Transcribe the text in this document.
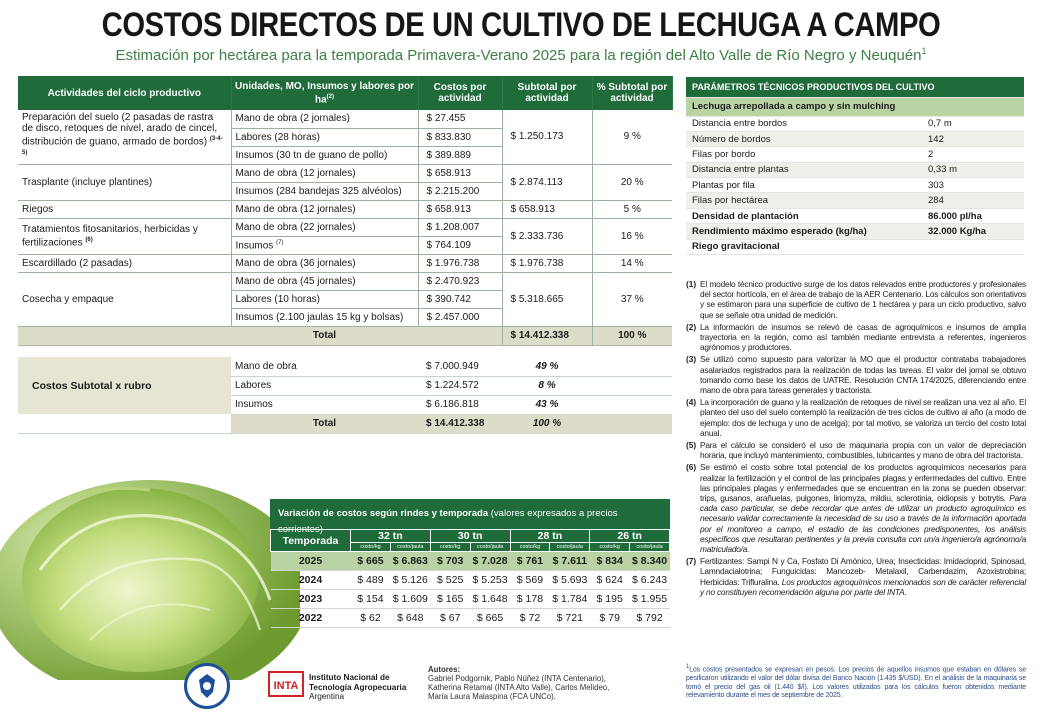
COSTOS DIRECTOS DE UN CULTIVO DE LECHUGA A CAMPO
Estimación por hectárea para la temporada Primavera-Verano 2025 para la región del Alto Valle de Río Negro y Neuquén$^1$
Actividades del ciclo productivo	Unidades, MO, Insumos y labores por $ha^{(2)}$	Costos por actividad	Subtotal por actividad	% Subtotal por actividad
Preparación del suelo (2 pasadas de rastra de disco, retoques de nivel, arado de cincel, distribución de guano, armado de bordos) $^{(3-4-5)}$	Mano de obra (2 jornales)	$ 27.455	$ 1.250.173	9 %
	Labores (28 horas)	$ 833.830		
	Insumos (30 tn de guano de pollo)	$ 389.889		
Trasplante (incluye plantines)	Mano de obra (12 jornales)	$ 658.913	$ 2.874.113	20 %
	Insumos (284 bandejas 325 alvéolos)	$ 2.215.200		
Riegos	Mano de obra (12 jornales)	$ 658.913	$ 658.913	5 %
Tratamientos fitosanitarios, herbicidas y fertilizaciones $^{(6)}$	Mano de obra (22 jornales)	$ 1.208.007	$ 2.333.736	16 %
	Insumos $^{(7)}$	$ 764.109		
Escardillado (2 pasadas)	Mano de obra (36 jornales)	$ 1.976.738	$ 1.976.738	14 %
Cosecha y empaque	Mano de obra (45 jornales)	$ 2.470.923	$ 5.318.665	37 %
	Labores (10 horas)	$ 390.742		
	Insumos (2.100 jaulas 15 kg y bolsas)	$ 2.457.000		
	Total		$ 14.412.338	100 %
Costos Subtotal x rubro	Mano de obra	$ 7.000.949	49 %	
	Labores	$ 1.224.572	8 %	
	Insumos	$ 6.186.818	43 %	
	Total	$ 14.412.338	100 %	
PARÁMETROS TÉCNICOS PRODUCTIVOS DEL CULTIVO	
Lechuga arrepollada a campo y sin mulching	
Distancia entre bordos	0,7 m
Número de bordos	142
Filas por bordo	2
Distancia entre plantas	0,33 m
Plantas por fila	303
Filas por hectárea	284
Densidad de plantación	86.000 pl/ha
Rendimiento máximo esperado (kg/ha)	32.000 Kg/ha
Riego gravitacional	
(1) El modelo técnico productivo surge de los datos relevados entre productores y profesionales del sector hortícola, en el área de trabajo de la AER Centenario. Los cálculos son orientativos y se estimaron para una superficie de cultivo de 1 hectárea y para un ciclo productivo, salvo que se señale otra unidad de medición.
(2) La información de insumos se relevó de casas de agroquímicos e insumos de amplia trayectoria en la región, como así también mediante entrevista a referentes, ingenieros agrónomos y productores.
(3) Se utilizó como supuesto para valorizar la MO que el productor contrataba trabajadores asalariados registrados para la realización de todas las tareas. El valor del jornal se obtuvo tomando como base los datos de UATRE. Resolución CNTA 174/2025, diferenciando entre mano de obra para tareas generales y tractorista.
(4) La incorporación de guano y la realización de retoques de nivel se realizan una vez al año. El planteo del uso del suelo contempló la realización de tres ciclos de cultivo al año (a modo de ejemplo: dos de lechuga y uno de acelga); por tal motivo, se valoriza un tercio del costo total anual.
(5) Para el cálculo se consideró el uso de maquinaria propia con un valor de depreciación horaria, que incluyó mantenimiento, combustibles, lubricantes y mano de obra del tractorista.
(6) Se estimó el costo sobre total potencial de los productos agroquímicos necesarios para realizar la fertilización y el control de las principales plagas y enfermedades del cultivo. Entre las principales plagas y enfermedades que se encuentran en la zona se pueden observar: trips, gusanos, arañuelas, pulgones, liriomyza, mildiu, sclerotinia, oidiopsis y botrytis. Para cada caso particular, se debe recordar que antes de utilizar un producto agroquímico es necesario validar correctamente la necesidad de su uso a través de la información aportada por el monitoreo a campo, el estadio de las condiciones predisponentes, los análisis específicos que resultaran pertinentes y la previa consulta con un/a ingeniero/a agrónomo/a matriculado/a.
(7) Fertilizantes: Sampi N y Ca, Fosfato Di Amónico, Urea; Insecticidas: Imidacloprid, Spinosad, Lamndacialotrina; Funguicidas: Mancozeb- Metalaxil, Carbendazim, Azoxistrobina; Herbicidas: Trifluralina. Los productos agroquímicos mencionados son de carácter referencial y no constituyen recomendación alguna por parte del INTA.
$^1$Los costos presentados se expresan en pesos. Los precios de aquellos insumos que estaban en dólares se pesificaron utilizando el valor del dólar divisa del Banco Nación (1.435 $/USD). En el análisis de la maquinaria se tomó el precio del gas oil (1.440 $/l). Los valores utilizados para los cálculos fueron obtenidos mediante relevamiento durante el mes de septiembre de 2025.
Variación de costos según rindes y temporada (valores expresados a precios corrientes)
Temporada	32 tn		30 tn		28 tn		26 tn	
	costo/kg	costo/jaula	costo/kg	costo/jaula	costo/kg	costo/jaula	costo/kg	costo/jaula
2025	$ 665	$ 6.863	$ 703	$ 7.028	$ 761	$ 7.611	$ 834	$ 8.340
2024	$ 489	$ 5.126	$ 525	$ 5.253	$ 569	$ 5.693	$ 624	$ 6.243
2023	$ 154	$ 1.609	$ 165	$ 1.648	$ 178	$ 1.784	$ 195	$ 1.955
2022	$ 62	$ 648	$ 67	$ 665	$ 72	$ 721	$ 79	$ 792
INTA
Instituto Nacional de
Tecnología Agropecuaria
Argentina
Autores:
Gabriel Podgornik, Pablo Núñez (INTA Centenario),
Katherina Retamal (INTA Alto Valle), Carlos Melideo,
María Laura Malaspina (FCA UNCo).
